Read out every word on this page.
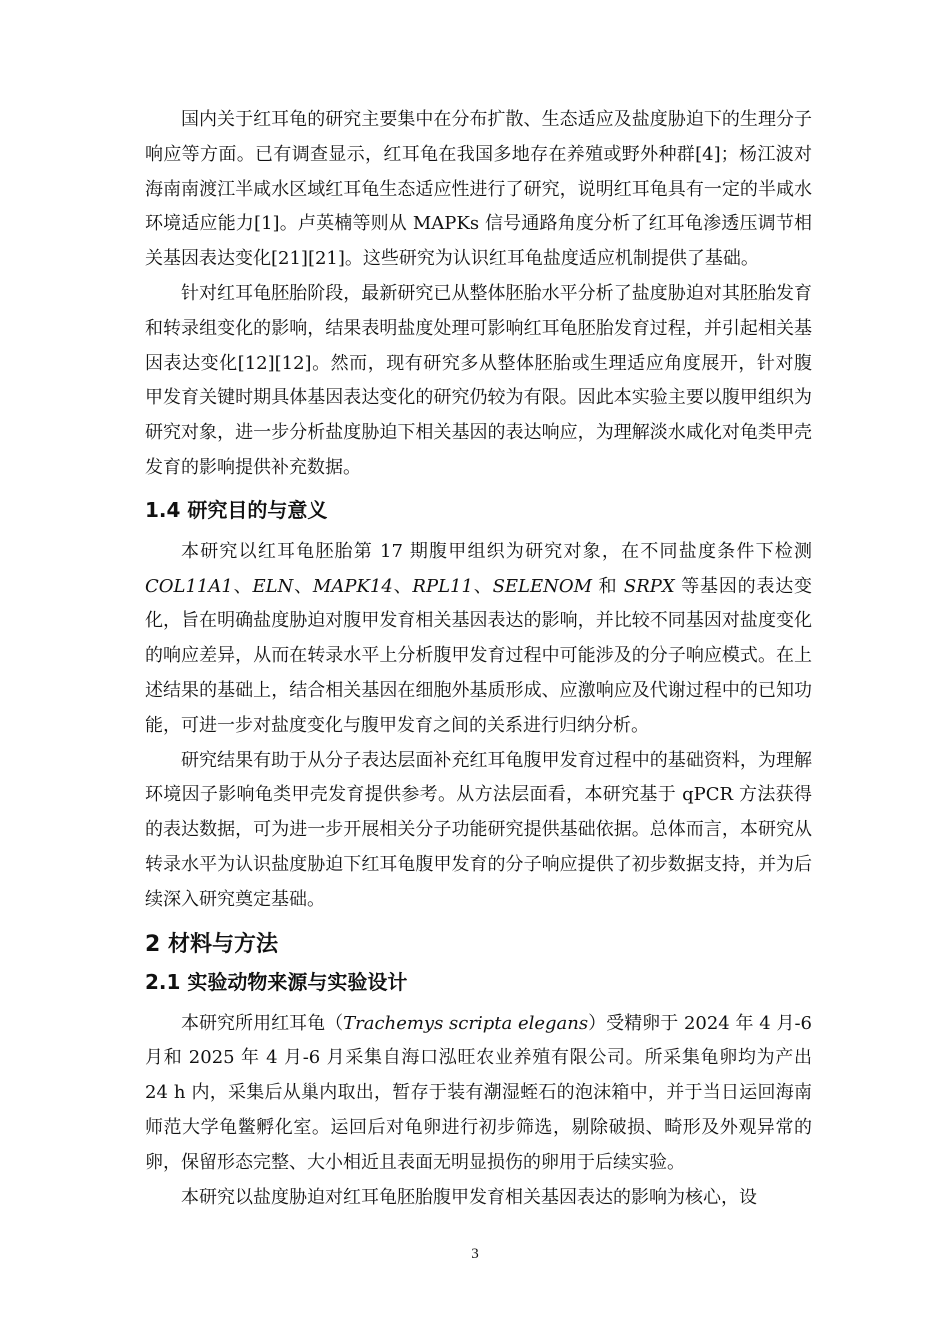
国内关于红耳龟的研究主要集中在分布扩散、生态适应及盐度胁迫下的生理分子响应等方面。已有调查显示，红耳龟在我国多地存在养殖或野外种群[4]；杨江波对海南南渡江半咸水区域红耳龟生态适应性进行了研究，说明红耳龟具有一定的半咸水环境适应能力[1]。卢英楠等则从 MAPKs 信号通路角度分析了红耳龟渗透压调节相关基因表达变化[21][21]。这些研究为认识红耳龟盐度适应机制提供了基础。

针对红耳龟胚胎阶段，最新研究已从整体胚胎水平分析了盐度胁迫对其胚胎发育和转录组变化的影响，结果表明盐度处理可影响红耳龟胚胎发育过程，并引起相关基因表达变化[12][12]。然而，现有研究多从整体胚胎或生理适应角度展开，针对腹甲发育关键时期具体基因表达变化的研究仍较为有限。因此本实验主要以腹甲组织为研究对象，进一步分析盐度胁迫下相关基因的表达响应，为理解淡水咸化对龟类甲壳发育的影响提供补充数据。

1.4 研究目的与意义

本研究以红耳龟胚胎第 17 期腹甲组织为研究对象，在不同盐度条件下检测COL11A1、ELN、MAPK14、RPL11、SELENOM 和 SRPX 等基因的表达变化，旨在明确盐度胁迫对腹甲发育相关基因表达的影响，并比较不同基因对盐度变化的响应差异，从而在转录水平上分析腹甲发育过程中可能涉及的分子响应模式。在上述结果的基础上，结合相关基因在细胞外基质形成、应激响应及代谢过程中的已知功能，可进一步对盐度变化与腹甲发育之间的关系进行归纳分析。

研究结果有助于从分子表达层面补充红耳龟腹甲发育过程中的基础资料，为理解环境因子影响龟类甲壳发育提供参考。从方法层面看，本研究基于 qPCR 方法获得的表达数据，可为进一步开展相关分子功能研究提供基础依据。总体而言，本研究从转录水平为认识盐度胁迫下红耳龟腹甲发育的分子响应提供了初步数据支持，并为后续深入研究奠定基础。

2 材料与方法
2.1 实验动物来源与实验设计

本研究所用红耳龟（Trachemys scripta elegans）受精卵于 2024 年 4 月-6 月和 2025 年 4 月-6 月采集自海口泓旺农业养殖有限公司。所采集龟卵均为产出 24 h 内，采集后从巢内取出，暂存于装有潮湿蛭石的泡沫箱中，并于当日运回海南师范大学龟鳖孵化室。运回后对龟卵进行初步筛选，剔除破损、畸形及外观异常的卵，保留形态完整、大小相近且表面无明显损伤的卵用于后续实验。

本研究以盐度胁迫对红耳龟胚胎腹甲发育相关基因表达的影响为核心，设

3
